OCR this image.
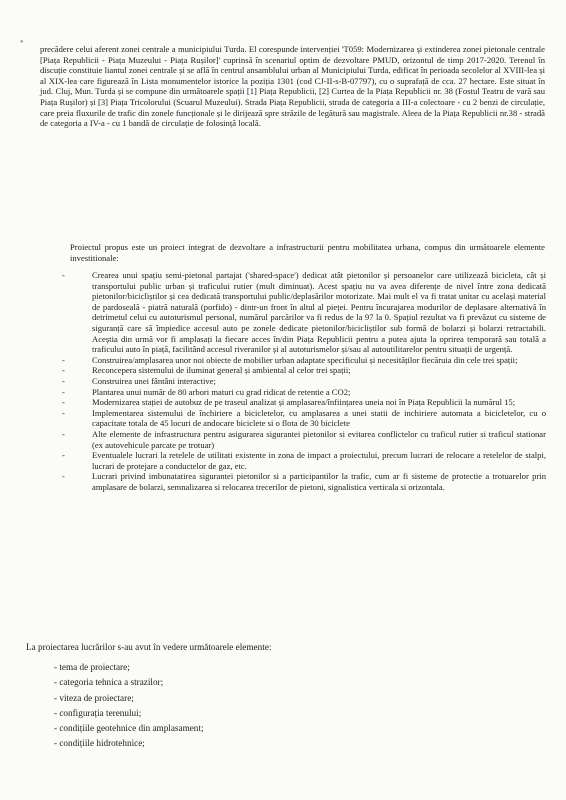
*

precădere celui aferent zonei centrale a municipiului Turda. El corespunde intervenției 'T059: Modernizarea și extinderea zonei pietonale centrale [Piața Republicii - Piața Muzeului - Piața Rușilor]' cuprinsă în scenariul optim de dezvoltare PMUD, orizontul de timp 2017-2020. Terenul în discuție constituie liantul zonei centrale și se află în centrul ansamblului urban al Municipiului Turda, edificat în perioada secolelor al XVIII-lea și al XIX-lea care figurează în Lista monumentelor istorice la poziția 1301 (cod CJ-II-s-B-07797), cu o suprafață de cca. 27 hectare. Este situat în jud. Cluj, Mun. Turda și se compune din următoarele spații [1] Piața Republicii, [2] Curtea de la Piața Republicii nr. 38 (Fostul Teatru de vară sau Piața Rușilor) și [3] Piața Tricolorului (Scuarul Muzeului). Strada Piața Republicii, strada de categoria a III-a colectoare - cu 2 benzi de circulație, care preia fluxurile de trafic din zonele funcționale și le dirijează spre străzile de legătură sau magistrale. Aleea de la Piața Republicii nr.38 - stradă de categoria a IV-a - cu 1 bandă de circulație de folosință locală.

Proiectul propus este un proiect integrat de dezvoltare a infrastructurii pentru mobilitatea urbana, compus din următoarele elemente investitionale:

-	Crearea unui spațiu semi-pietonal partajat ('shared-space') dedicat atât pietonilor și persoanelor care utilizează bicicleta, cât și transportului public urban și traficului rutier (mult diminuat). Acest spațiu nu va avea diferențe de nivel între zona dedicată pietonilor/bicicliștilor și cea dedicată transportului public/deplasărilor motorizate. Mai mult el va fi tratat unitar cu același material de pardoseală - piatră naturală (porfido) - dintr-un front în altul al pieței. Pentru încurajarea modurilor de deplasare alternativă în detrimetul celui cu autoturismul personal, numărul parcărilor va fi redus de la 97 la 0. Spațiul rezultat va fi prevăzut cu sisteme de siguranță care să împiedice accesul auto pe zonele dedicate pietonilor/bicicliștilor sub formă de bolarzi și bolarzi retractabili. Aceștia din urmă vor fi amplasați la fiecare acces în/din Piața Republicii pentru a putea ajuta la oprirea temporară sau totală a traficului auto în piață, facilitând accesul riveranilor și al autoturismelor și/sau al autoutilitarelor pentru situații de urgență.
-	Construirea/amplasarea unor noi obiecte de mobilier urban adaptate specificului și necesităților fiecăruia din cele trei spații;
-	Reconcepera sistemului de iluminat general și ambiental al celor trei spații;
-	Construirea unei fântâni interactive;
-	Plantarea unui număr de 80 arbori maturi cu grad ridicat de retentie a CO2;
-	Modernizarea stației de autobuz de pe traseul analizat și amplasarea/înființarea uneia noi în Piața Republicii la numărul 15;
-	Implementarea sistemului de închiriere a bicicletelor, cu amplasarea a unei statii de inchiriere automata a bicicletelor, cu o capacitate totala de 45 locuri de andocare biciclete si o flota de 30 biciclete
-	Alte elemente de infrastructura pentru asigurarea sigurantei pietonilor si evitarea conflictelor cu traficul rutier si traficul stationar (ex autovehicule parcate pe trotuar)
-	Eventualele lucrari la retelele de utilitati existente in zona de impact a proiectului, precum lucrari de relocare a retelelor de stalpi, lucrari de protejare a conductelor de gaz, etc.
-	Lucrari privind imbunatatirea sigurantei pietonilor si a participantilor la trafic, cum ar fi sisteme de protectie a trotuarelor prin amplasare de bolarzi, semnalizarea si relocarea trecerilor de pietoni, signalistica verticala si orizontala.

La proiectarea lucrărilor s-au avut în vedere următoarele elemente:

- tema de proiectare;
- categoria tehnica a strazilor;
- viteza de proiectare;
- configurația terenului;
- condițiile geotehnice din amplasament;
- condițiile hidrotehnice;
